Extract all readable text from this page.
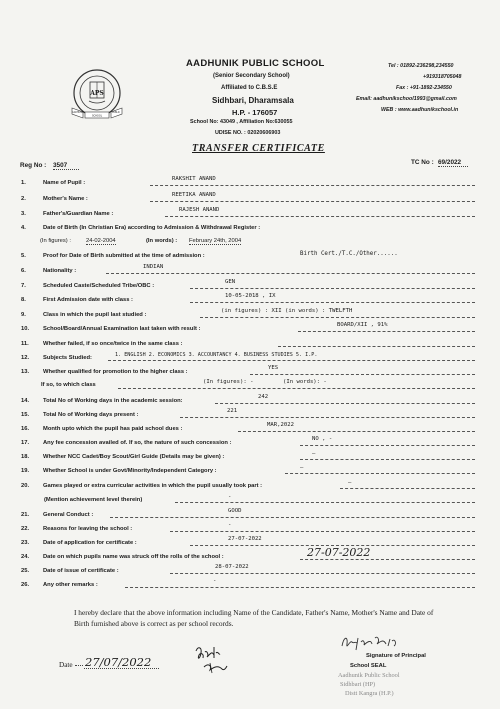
APS
AADHUNIK	PUBLIC
SCHOOL
AADHUNIK PUBLIC SCHOOL
(Senior Secondary School)
Affiliated to C.B.S.E
Sidhbari, Dharamsala
H.P. - 176057
School No: 43049 , Affiliation No:630055
UDISE NO. : 02020606903
Tel : 01892-236298,234550
+919318705048
Fax : +91-1892-234550
Email: aadhunikschool1993@gmail.com
WEB : www.aadhunikschool.in
TRANSFER CERTIFICATE
Reg No : 3507	TC No : 69/2022
1.	Name of Pupil :
RAKSHIT ANAND
2.	Mother's Name :
REETIKA ANAND
3.	Father's/Guardian Name :
RAJESH ANAND
4.	Date of Birth (In Christian Era) according to Admission & Withdrawal Register :
(In figures) :	24-02-2004	(In words) : February 24th, 2004
5.	Proof for Date of Birth submitted at the time of admission :	Birth Cert./T.C./Other......
6.	Nationality :
INDIAN
7.	Scheduled Caste/Scheduled Tribe/OBC :
GEN
8.	First Admission date with class :
10-05-2018 , IX
9.	Class in which the pupil last studied :
(in figures) : XII (in words) : TWELFTH
10.	School/Board/Annual Examination last taken with result :
BOARD/XII , 91%
11.	Whether failed, if so once/twice in the same class :
12.	Subjects Studied:	1. ENGLISH 2. ECONOMICS 3. ACCOUNTANCY 4. BUSINESS STUDIES 5. I.P.
13.	Whether qualified for promotion to the higher class :
YES
If so, to which class	(In figures): -	(In words): -
14.	Total No of Working days in the academic session:
242
15.	Total No of Working days present :
221
16.	Month upto which the pupil has paid school dues :
MAR,2022
17.	Any fee concession availed of. If so, the nature of such concession :
NO , -
18.	Whether NCC Cadet/Boy Scout/Girl Guide (Details may be given) :	—
19.	Whether School is under Govt/Minority/Independent Category :	—
20.	Games played or extra curricular activities in which the pupil usually took part :	—
(Mention achievement level therein)	-
21.	General Conduct :
GOOD
22.	Reasons for leaving the school :
-
23.	Date of application for certificate :
27-07-2022
24.	Date on which pupils name was struck off the rolls of the school :	27-07-2022
25.	Date of issue of certificate :
28-07-2022
26.	Any other remarks :
-
I hereby declare that the above information including Name of the Candidate, Father's Name, Mother's Name and Date of
Birth furnished above is correct as per school records.
Date 27/07/2022	Signature of Principal
School SEAL
Aadhunik Public School
Sidhbari (HP)
Distt Kangra (H.P.)
